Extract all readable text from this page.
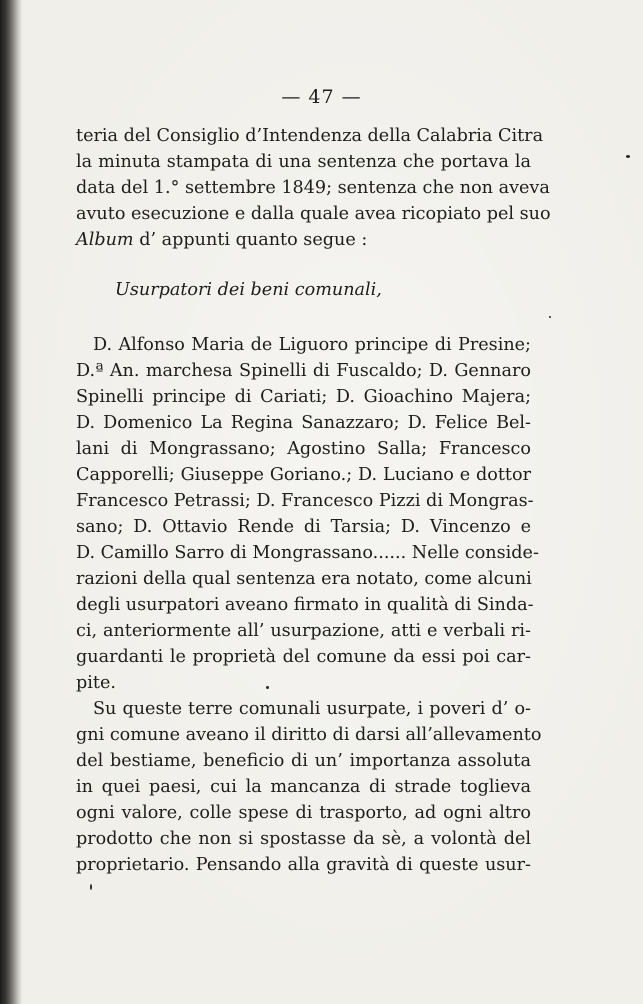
— 47 —
teria del Consiglio d’Intendenza della Calabria Citra
la minuta stampata di una sentenza che portava la
data del 1.° settembre 1849; sentenza che non aveva
avuto esecuzione e dalla quale avea ricopiato pel suo
Album d’ appunti quanto segue :
Usurpatori dei beni comunali,
D. Alfonso Maria de Liguoro principe di Presine;
D.ª An. marchesa Spinelli di Fuscaldo; D. Gennaro
Spinelli principe di Cariati; D. Gioachino Majera;
D. Domenico La Regina Sanazzaro; D. Felice Bel-
lani di Mongrassano; Agostino Salla; Francesco
Capporelli; Giuseppe Goriano.; D. Luciano e dottor
Francesco Petrassi; D. Francesco Pizzi di Mongras-
sano; D. Ottavio Rende di Tarsia; D. Vincenzo e
D. Camillo Sarro di Mongrassano...... Nelle conside-
razioni della qual sentenza era notato, come alcuni
degli usurpatori aveano firmato in qualità di Sinda-
ci, anteriormente all’ usurpazione, atti e verbali ri-
guardanti le proprietà del comune da essi poi car-
pite.
Su queste terre comunali usurpate, i poveri d’ o-
gni comune aveano il diritto di darsi all’allevamento
del bestiame, beneficio di un’ importanza assoluta
in quei paesi, cui la mancanza di strade toglieva
ogni valore, colle spese di trasporto, ad ogni altro
prodotto che non si spostasse da sè, a volontà del
proprietario. Pensando alla gravità di queste usur-
